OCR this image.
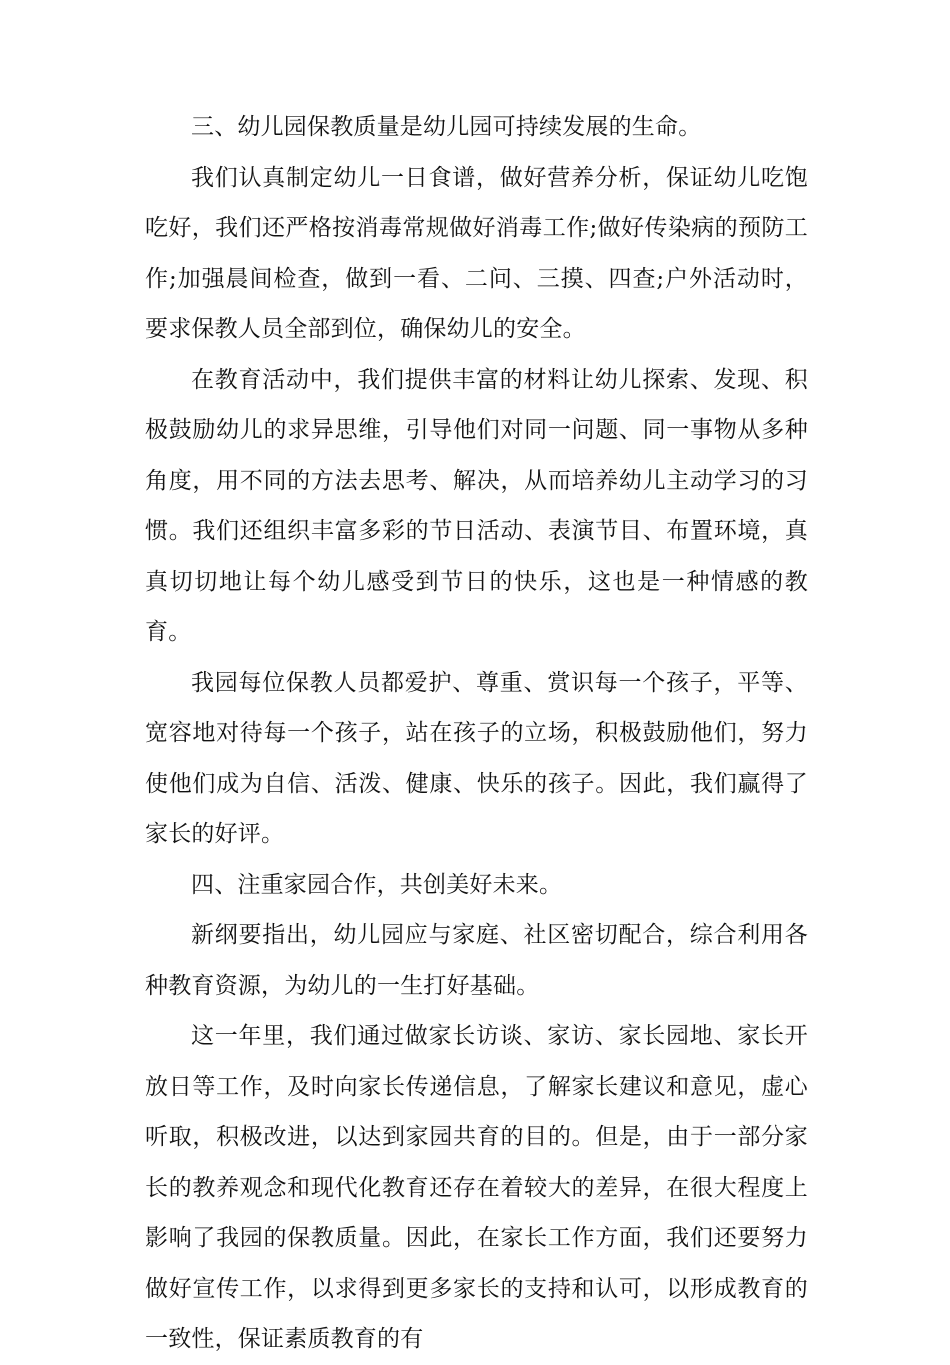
三、幼儿园保教质量是幼儿园可持续发展的生命。

我们认真制定幼儿一日食谱，做好营养分析，保证幼儿吃饱吃好，我们还严格按消毒常规做好消毒工作;做好传染病的预防工作;加强晨间检查，做到一看、二问、三摸、四查;户外活动时，要求保教人员全部到位，确保幼儿的安全。

在教育活动中，我们提供丰富的材料让幼儿探索、发现、积极鼓励幼儿的求异思维，引导他们对同一问题、同一事物从多种角度，用不同的方法去思考、解决，从而培养幼儿主动学习的习惯。我们还组织丰富多彩的节日活动、表演节目、布置环境，真真切切地让每个幼儿感受到节日的快乐，这也是一种情感的教育。

我园每位保教人员都爱护、尊重、赏识每一个孩子，平等、宽容地对待每一个孩子，站在孩子的立场，积极鼓励他们，努力使他们成为自信、活泼、健康、快乐的孩子。因此，我们赢得了家长的好评。

四、注重家园合作，共创美好未来。

新纲要指出，幼儿园应与家庭、社区密切配合，综合利用各种教育资源，为幼儿的一生打好基础。

这一年里，我们通过做家长访谈、家访、家长园地、家长开放日等工作，及时向家长传递信息，了解家长建议和意见，虚心听取，积极改进，以达到家园共育的目的。但是，由于一部分家长的教养观念和现代化教育还存在着较大的差异，在很大程度上影响了我园的保教质量。因此，在家长工作方面，我们还要努力做好宣传工作，以求得到更多家长的支持和认可，以形成教育的一致性，保证素质教育的有
